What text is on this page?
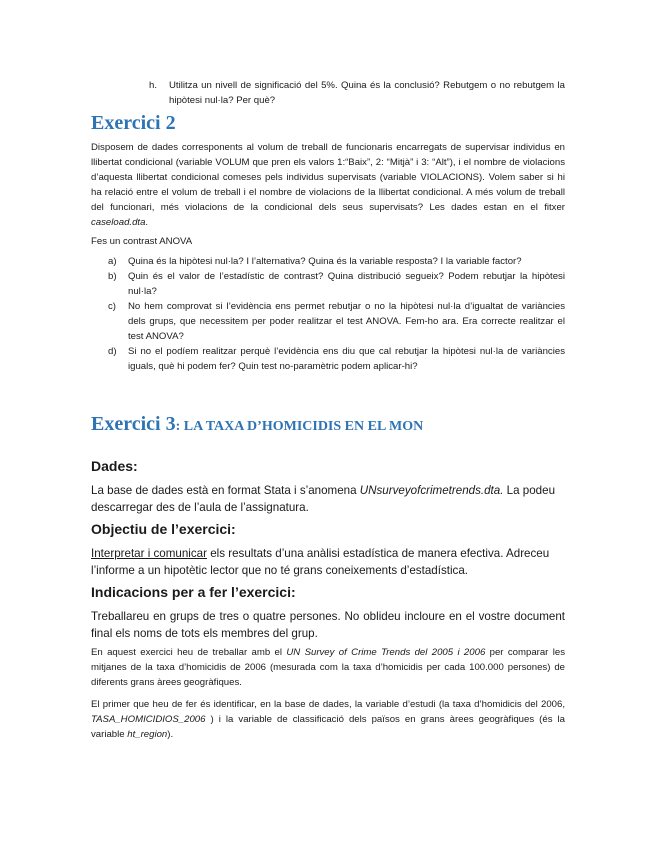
h.	Utilitza un nivell de significació del 5%. Quina és la conclusió? Rebutgem o no rebutgem la hipòtesi nul·la? Per què?
Exercici 2

Disposem de dades corresponents al volum de treball de funcionaris encarregats de supervisar individus en llibertat condicional (variable VOLUM que pren els valors 1:“Baix”, 2: “Mitjà” i 3: “Alt”), i el nombre de violacions d’aquesta llibertat condicional comeses pels individus supervisats (variable VIOLACIONS). Volem saber si hi ha relació entre el volum de treball i el nombre de violacions de la llibertat condicional. A més volum de treball del funcionari, més violacions de la condicional dels seus supervisats? Les dades estan en el fitxer caseload.dta.

Fes un contrast ANOVA

a)	Quina és la hipòtesi nul·la? I l’alternativa? Quina és la variable resposta? I la variable factor?
b)	Quin és el valor de l’estadístic de contrast? Quina distribució segueix? Podem rebutjar la hipòtesi nul·la?
c)	No hem comprovat si l’evidència ens permet rebutjar o no la hipòtesi nul·la d’igualtat de variàncies dels grups, que necessitem per poder realitzar el test ANOVA. Fem-ho ara. Era correcte realitzar el test ANOVA?
d)	Si no el podíem realitzar perquè l’evidència ens diu que cal rebutjar la hipòtesi nul·la de variàncies iguals, què hi podem fer? Quin test no-paramètric podem aplicar-hi?
Exercici 3: LA TAXA D’HOMICIDIS EN EL MON
Dades:

La base de dades està en format Stata i s’anomena UNsurveyofcrimetrends.dta. La podeu descarregar des de l’aula de l’assignatura.

Objectiu de l’exercici:

Interpretar i comunicar els resultats d’una anàlisi estadística de manera efectiva. Adreceu l’informe a un hipotètic lector que no té grans coneixements d’estadística.

Indicacions per a fer l’exercici:

Treballareu en grups de tres o quatre persones. No oblideu incloure en el vostre document final els noms de tots els membres del grup.

En aquest exercici heu de treballar amb el UN Survey of Crime Trends del 2005 i 2006 per comparar les mitjanes de la taxa d’homicidis de 2006 (mesurada com la taxa d’homicidis per cada 100.000 persones) de diferents grans àrees geogràfiques.

El primer que heu de fer és identificar, en la base de dades, la variable d’estudi (la taxa d’homidicis del 2006, TASA_HOMICIDIOS_2006 ) i la variable de classificació dels països en grans àrees geogràfiques (és la variable ht_region).
